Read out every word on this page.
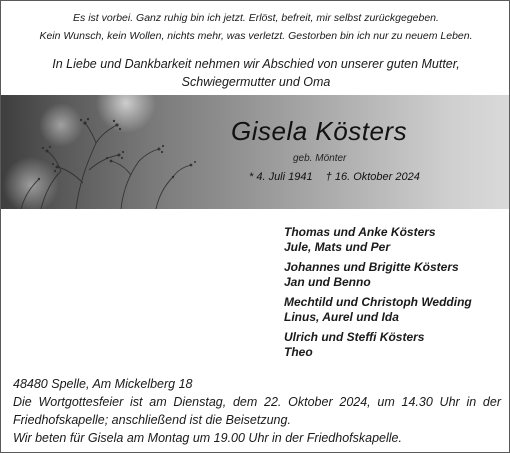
Es ist vorbei. Ganz ruhig bin ich jetzt. Erlöst, befreit, mir selbst zurückgegeben.
Kein Wunsch, kein Wollen, nichts mehr, was verletzt. Gestorben bin ich nur zu neuem Leben.
In Liebe und Dankbarkeit nehmen wir Abschied von unserer guten Mutter,
Schwiegermutter und Oma
Gisela Kösters
geb. Mönter
* 4. Juli 1941 † 16. Oktober 2024
Thomas und Anke Kösters
Jule, Mats und Per
Johannes und Brigitte Kösters
Jan und Benno
Mechtild und Christoph Wedding
Linus, Aurel und Ida
Ulrich und Steffi Kösters
Theo
48480 Spelle, Am Mickelberg 18
Die Wortgottesfeier ist am Dienstag, dem 22. Oktober 2024, um 14.30 Uhr in der Friedhofskapelle; anschließend ist die Beisetzung.
Wir beten für Gisela am Montag um 19.00 Uhr in der Friedhofskapelle.
